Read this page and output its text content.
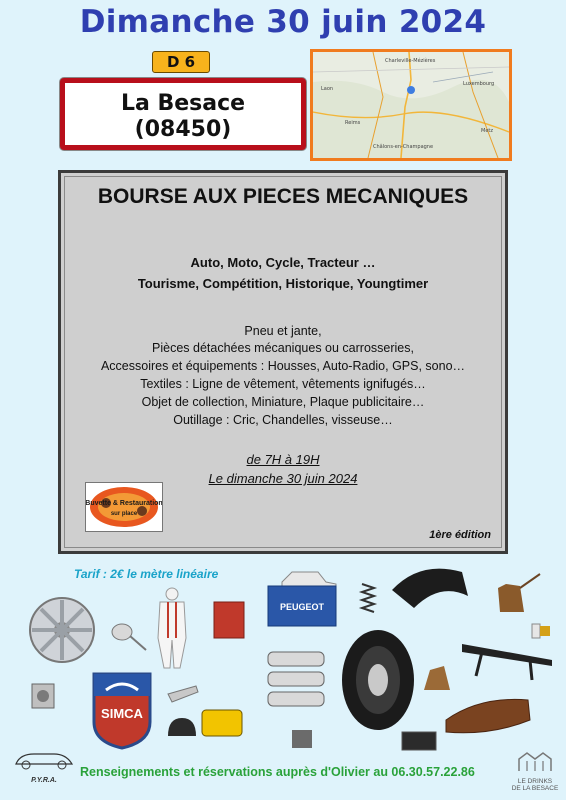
Dimanche 30 juin 2024
D 6
La Besace
(08450)
Charleville-Mézières
Laon
Reims
Luxembourg
Metz
Châlons-en-Champagne
BOURSE AUX PIECES MECANIQUES
Auto, Moto, Cycle, Tracteur …
Tourisme, Compétition, Historique, Youngtimer
Pneu et jante,
Pièces détachées mécaniques ou carrosseries,
Accessoires et équipements : Housses, Auto-Radio, GPS, sono…
Textiles : Ligne de vêtement, vêtements ignifugés…
Objet de collection, Miniature, Plaque publicitaire…
Outillage : Cric, Chandelles, visseuse…
de 7H à 19H
Le dimanche 30 juin 2024
Buvette & Restauration
sur place
1ère édition
Tarif : 2€ le mètre linéaire
PEUGEOT
SIMCA
P.Y.R.A.
Renseignements et réservations auprès d'Olivier au 06.30.57.22.86
LE DRINKS
DE LA BESACE
